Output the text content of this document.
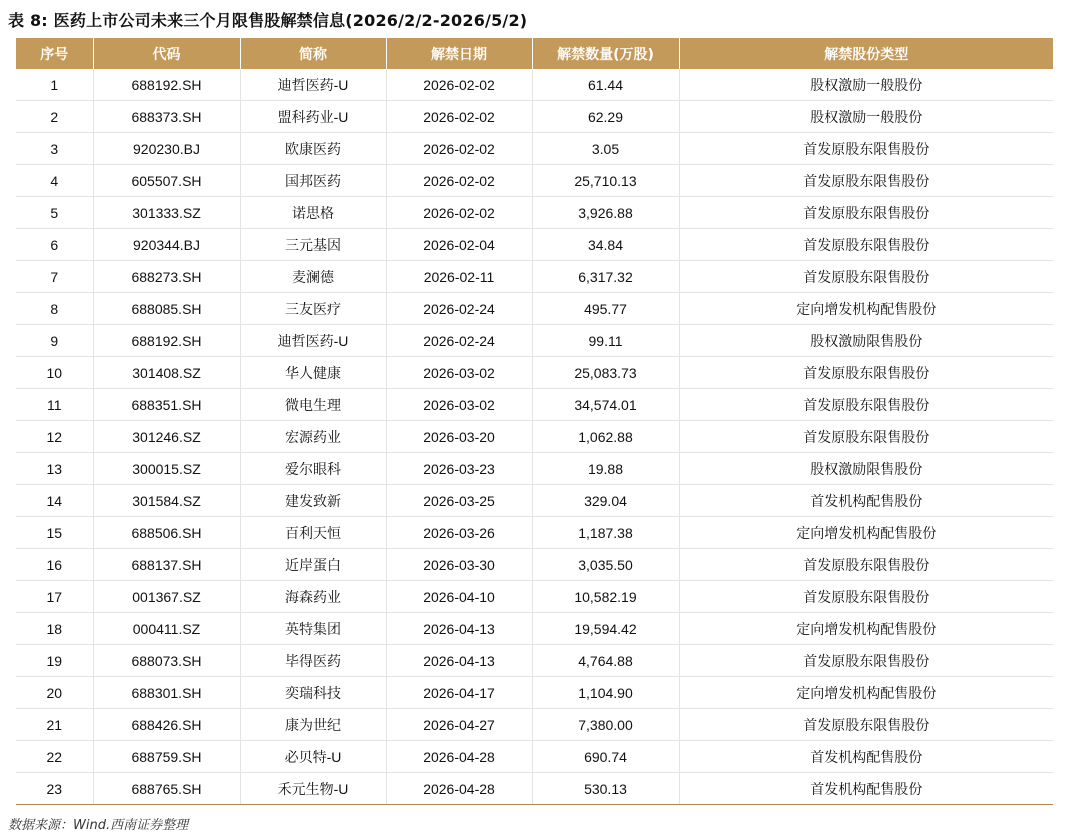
表 8: 医药上市公司未来三个月限售股解禁信息(2026/2/2-2026/5/2)
序号	代码	简称	解禁日期	解禁数量(万股)	解禁股份类型
1	688192.SH	迪哲医药-U	2026-02-02	61.44	股权激励一般股份
2	688373.SH	盟科药业-U	2026-02-02	62.29	股权激励一般股份
3	920230.BJ	欧康医药	2026-02-02	3.05	首发原股东限售股份
4	605507.SH	国邦医药	2026-02-02	25,710.13	首发原股东限售股份
5	301333.SZ	诺思格	2026-02-02	3,926.88	首发原股东限售股份
6	920344.BJ	三元基因	2026-02-04	34.84	首发原股东限售股份
7	688273.SH	麦澜德	2026-02-11	6,317.32	首发原股东限售股份
8	688085.SH	三友医疗	2026-02-24	495.77	定向增发机构配售股份
9	688192.SH	迪哲医药-U	2026-02-24	99.11	股权激励限售股份
10	301408.SZ	华人健康	2026-03-02	25,083.73	首发原股东限售股份
11	688351.SH	微电生理	2026-03-02	34,574.01	首发原股东限售股份
12	301246.SZ	宏源药业	2026-03-20	1,062.88	首发原股东限售股份
13	300015.SZ	爱尔眼科	2026-03-23	19.88	股权激励限售股份
14	301584.SZ	建发致新	2026-03-25	329.04	首发机构配售股份
15	688506.SH	百利天恒	2026-03-26	1,187.38	定向增发机构配售股份
16	688137.SH	近岸蛋白	2026-03-30	3,035.50	首发原股东限售股份
17	001367.SZ	海森药业	2026-04-10	10,582.19	首发原股东限售股份
18	000411.SZ	英特集团	2026-04-13	19,594.42	定向增发机构配售股份
19	688073.SH	毕得医药	2026-04-13	4,764.88	首发原股东限售股份
20	688301.SH	奕瑞科技	2026-04-17	1,104.90	定向增发机构配售股份
21	688426.SH	康为世纪	2026-04-27	7,380.00	首发原股东限售股份
22	688759.SH	必贝特-U	2026-04-28	690.74	首发机构配售股份
23	688765.SH	禾元生物-U	2026-04-28	530.13	首发机构配售股份
数据来源：Wind.西南证券整理
